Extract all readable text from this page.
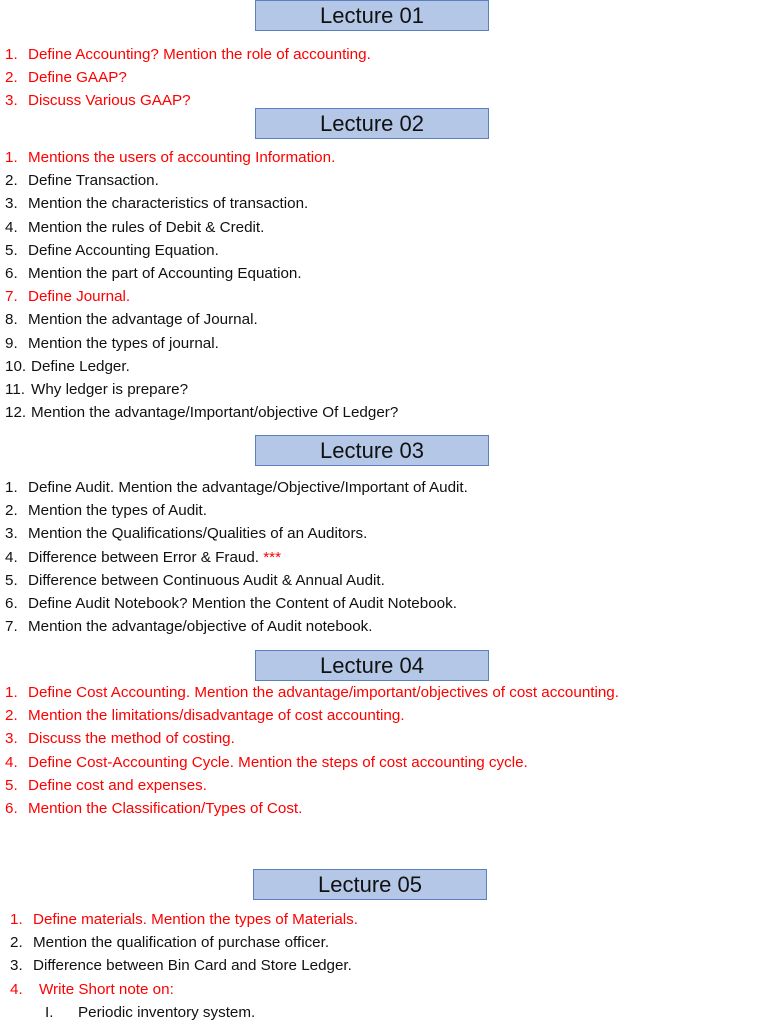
Lecture 01
1. Define Accounting? Mention the role of accounting.
2. Define GAAP?
3. Discuss Various GAAP?
Lecture 02
1. Mentions the users of accounting Information.
2. Define Transaction.
3. Mention the characteristics of transaction.
4. Mention the rules of Debit & Credit.
5. Define Accounting Equation.
6. Mention the part of Accounting Equation.
7. Define Journal.
8. Mention the advantage of Journal.
9. Mention the types of journal.
10. Define Ledger.
11. Why ledger is prepare?
12. Mention the advantage/Important/objective Of Ledger?
Lecture 03
1. Define Audit. Mention the advantage/Objective/Important of Audit.
2. Mention the types of Audit.
3. Mention the Qualifications/Qualities of an Auditors.
4. Difference between Error & Fraud. ***
5. Difference between Continuous Audit & Annual Audit.
6. Define Audit Notebook? Mention the Content of Audit Notebook.
7. Mention the advantage/objective of Audit notebook.
Lecture 04
1. Define Cost Accounting. Mention the advantage/important/objectives of cost accounting.
2. Mention the limitations/disadvantage of cost accounting.
3. Discuss the method of costing.
4. Define Cost-Accounting Cycle. Mention the steps of cost accounting cycle.
5. Define cost and expenses.
6. Mention the Classification/Types of Cost.
Lecture 05
1. Define materials. Mention the types of Materials.
2. Mention the qualification of purchase officer.
3. Difference between Bin Card and Store Ledger.
4. Write Short note on:
I. Periodic inventory system.
